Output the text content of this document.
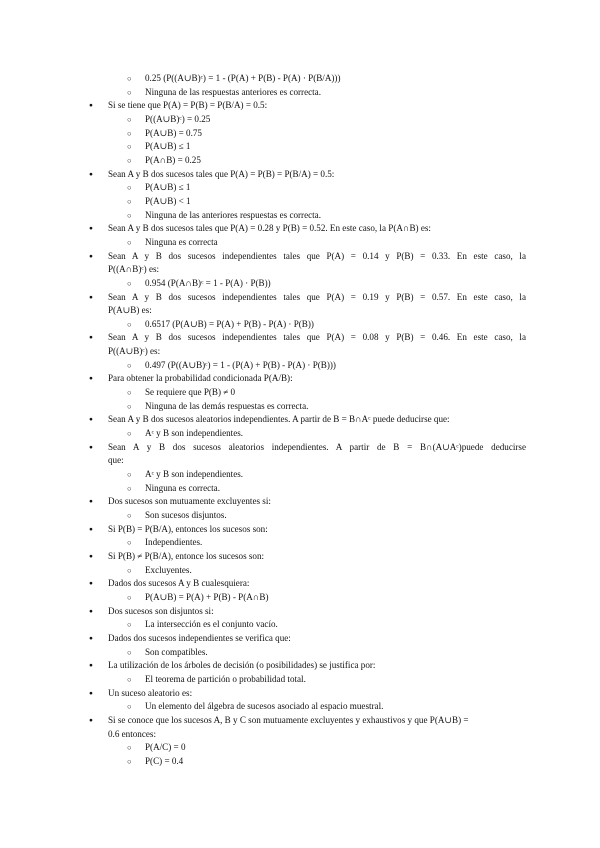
○ 0.25 (P((A∪B)ᶜ) = 1 - (P(A) + P(B) - P(A) · P(B/A)))
○ Ninguna de las respuestas anteriores es correcta.
● Si se tiene que P(A) = P(B) = P(B/A) = 0.5:
○ P((A∪B)ᶜ) = 0.25
○ P(A∪B) = 0.75
○ P(A∪B) ≤ 1
○ P(A∩B) = 0.25
● Sean A y B dos sucesos tales que P(A) = P(B) = P(B/A) = 0.5:
○ P(A∪B) ≤ 1
○ P(A∪B) < 1
○ Ninguna de las anteriores respuestas es correcta.
● Sean A y B dos sucesos tales que P(A) = 0.28 y P(B) = 0.52. En este caso, la P(A∩B) es:
○ Ninguna es correcta
● Sean A y B dos sucesos independientes tales que P(A) = 0.14 y P(B) = 0.33. En este caso, la
P((A∩B)ᶜ) es:
○ 0.954 (P(A∩B)ᶜ = 1 - P(A) · P(B))
● Sean A y B dos sucesos independientes tales que P(A) = 0.19 y P(B) = 0.57. En este caso, la
P(A∪B) es:
○ 0.6517 (P(A∪B) = P(A) + P(B) - P(A) · P(B))
● Sean A y B dos sucesos independientes tales que P(A) = 0.08 y P(B) = 0.46. En este caso, la
P((A∪B)ᶜ) es:
○ 0.497 (P((A∪B)ᶜ) = 1 - (P(A) + P(B) - P(A) · P(B)))
● Para obtener la probabilidad condicionada P(A/B):
○ Se requiere que P(B) ≠ 0
○ Ninguna de las demás respuestas es correcta.
● Sean A y B dos sucesos aleatorios independientes. A partir de B = B∩Aᶜ puede deducirse que:
○ Aᶜ y B son independientes.
● Sean A y B dos sucesos aleatorios independientes. A partir de B = B∩(A∪Aᶜ)puede deducirse
que:
○ Aᶜ y B son independientes.
○ Ninguna es correcta.
● Dos sucesos son mutuamente excluyentes si:
○ Son sucesos disjuntos.
● Si P(B) = P(B/A), entonces los sucesos son:
○ Independientes.
● Si P(B) ≠ P(B/A), entonce los sucesos son:
○ Excluyentes.
● Dados dos sucesos A y B cualesquiera:
○ P(A∪B) = P(A) + P(B) - P(A∩B)
● Dos sucesos son disjuntos si:
○ La intersección es el conjunto vacío.
● Dados dos sucesos independientes se verifica que:
○ Son compatibles.
● La utilización de los árboles de decisión (o posibilidades) se justifica por:
○ El teorema de partición o probabilidad total.
● Un suceso aleatorio es:
○ Un elemento del álgebra de sucesos asociado al espacio muestral.
● Si se conoce que los sucesos A, B y C son mutuamente excluyentes y exhaustivos y que P(A∪B) =
0.6 entonces:
○ P(A/C) = 0
○ P(C) = 0.4
